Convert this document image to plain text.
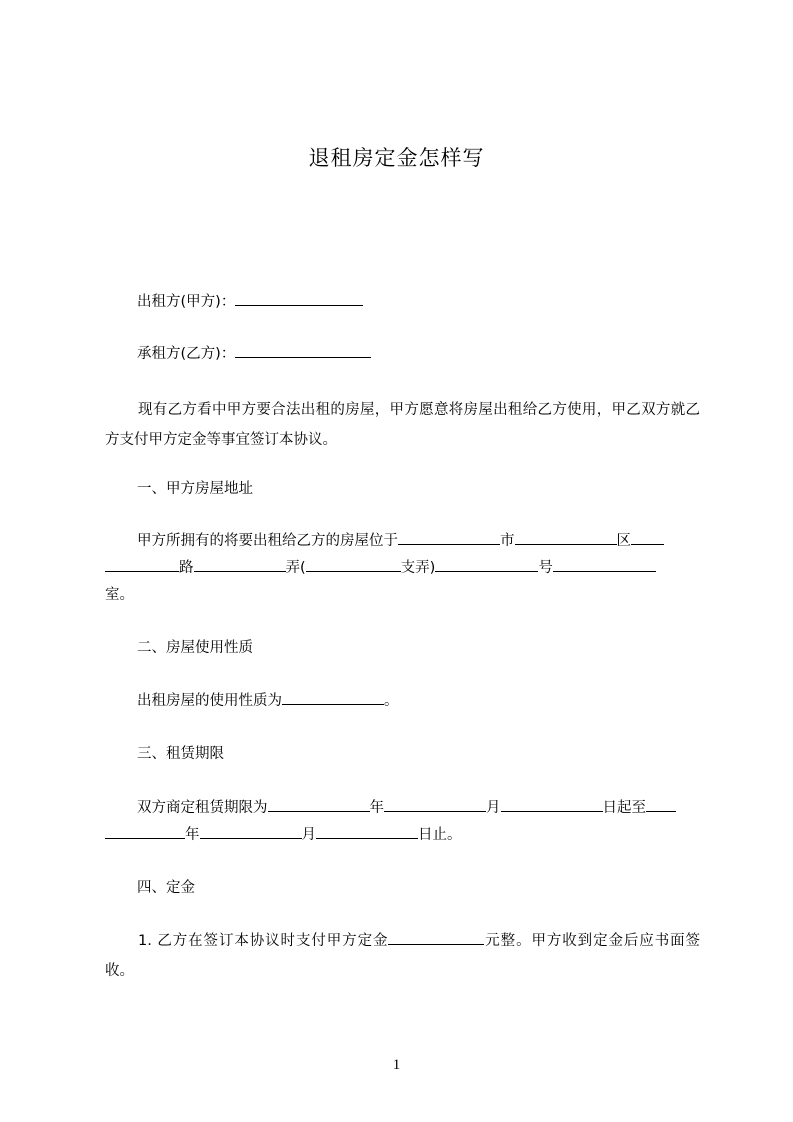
退租房定金怎样写
出租方(甲方)：
承租方(乙方)：
现有乙方看中甲方要合法出租的房屋，甲方愿意将房屋出租给乙方使用，甲乙双方就乙方支付甲方定金等事宜签订本协议。
一、甲方房屋地址
甲方所拥有的将要出租给乙方的房屋位于	市	区
路	弄(	支弄)	号
室。
二、房屋使用性质
出租房屋的使用性质为	。
三、租赁期限
双方商定租赁期限为	年	月	日起至
年	月	日止。
四、定金
1. 乙方在签订本协议时支付甲方定金	元整。甲方收到定金后应书面签收。
1
